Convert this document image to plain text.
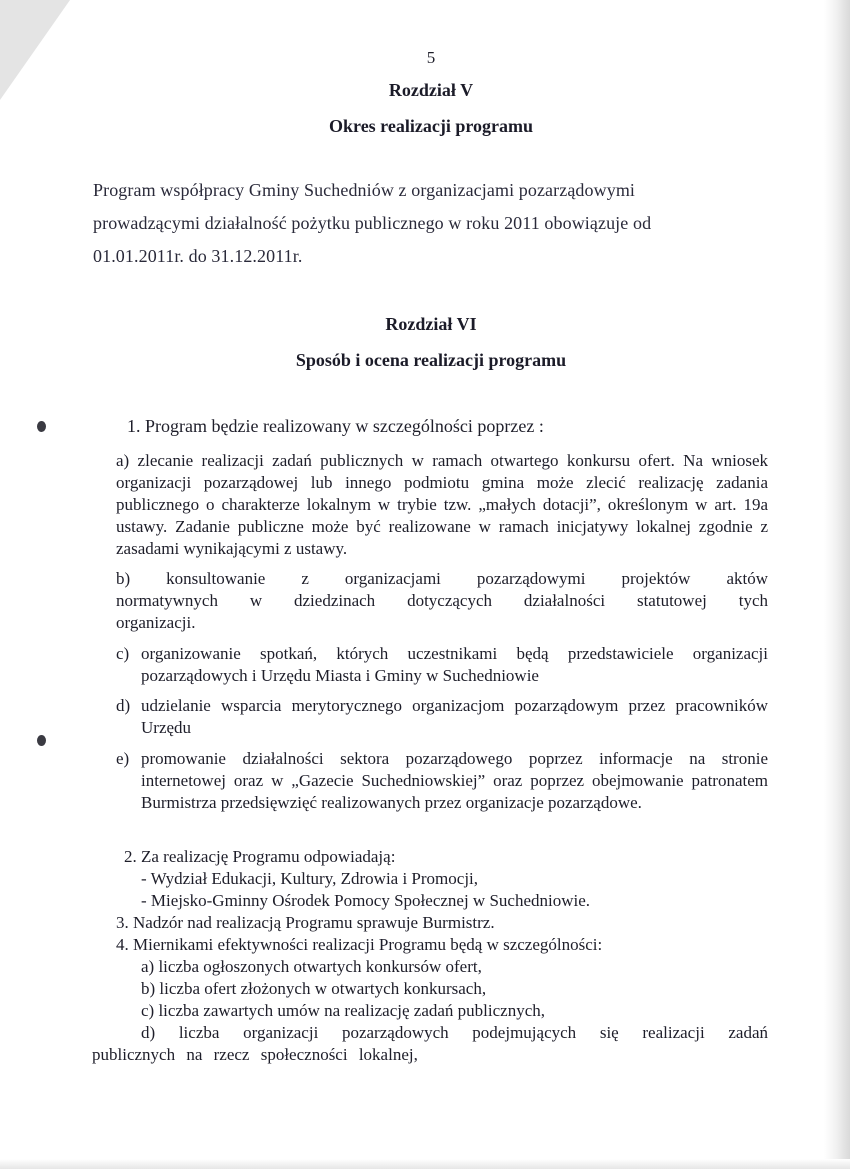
5

Rozdział V

Okres realizacji programu

Program współpracy Gminy Suchedniów z organizacjami pozarządowymi prowadzącymi działalność pożytku publicznego w roku 2011 obowiązuje od 01.01.2011r. do 31.12.2011r.

Rozdział VI

Sposób i ocena realizacji programu

1. Program będzie realizowany w szczególności poprzez :

a) zlecanie realizacji zadań publicznych w ramach otwartego konkursu ofert. Na wniosek organizacji pozarządowej lub innego podmiotu gmina może zlecić realizację zadania publicznego o charakterze lokalnym w trybie tzw. „małych dotacji”, określonym w art. 19a ustawy. Zadanie publiczne może być realizowane w ramach inicjatywy lokalnej zgodnie z zasadami wynikającymi z ustawy.

b) konsultowanie z organizacjami pozarządowymi projektów aktów normatywnych w dziedzinach dotyczących działalności statutowej tych organizacji.

c) organizowanie spotkań, których uczestnikami będą przedstawiciele organizacji pozarządowych i Urzędu Miasta i Gminy w Suchedniowie
d) udzielanie wsparcia merytorycznego organizacjom pozarządowym przez pracowników Urzędu
e) promowanie działalności sektora pozarządowego poprzez informacje na stronie internetowej oraz w „Gazecie Suchedniowskiej” oraz poprzez obejmowanie patronatem Burmistrza przedsięwzięć realizowanych przez organizacje pozarządowe.

2. Za realizację Programu odpowiadają:

- Wydział Edukacji, Kultury, Zdrowia i Promocji,

- Miejsko-Gminny Ośrodek Pomocy Społecznej w Suchedniowie.

3. Nadzór nad realizacją Programu sprawuje Burmistrz.

4. Miernikami efektywności realizacji Programu będą w szczególności:

a) liczba ogłoszonych otwartych konkursów ofert,

b) liczba ofert złożonych w otwartych konkursach,

c) liczba zawartych umów na realizację zadań publicznych,

d) liczba organizacji pozarządowych podejmujących się realizacji zadań publicznych na rzecz społeczności lokalnej,
